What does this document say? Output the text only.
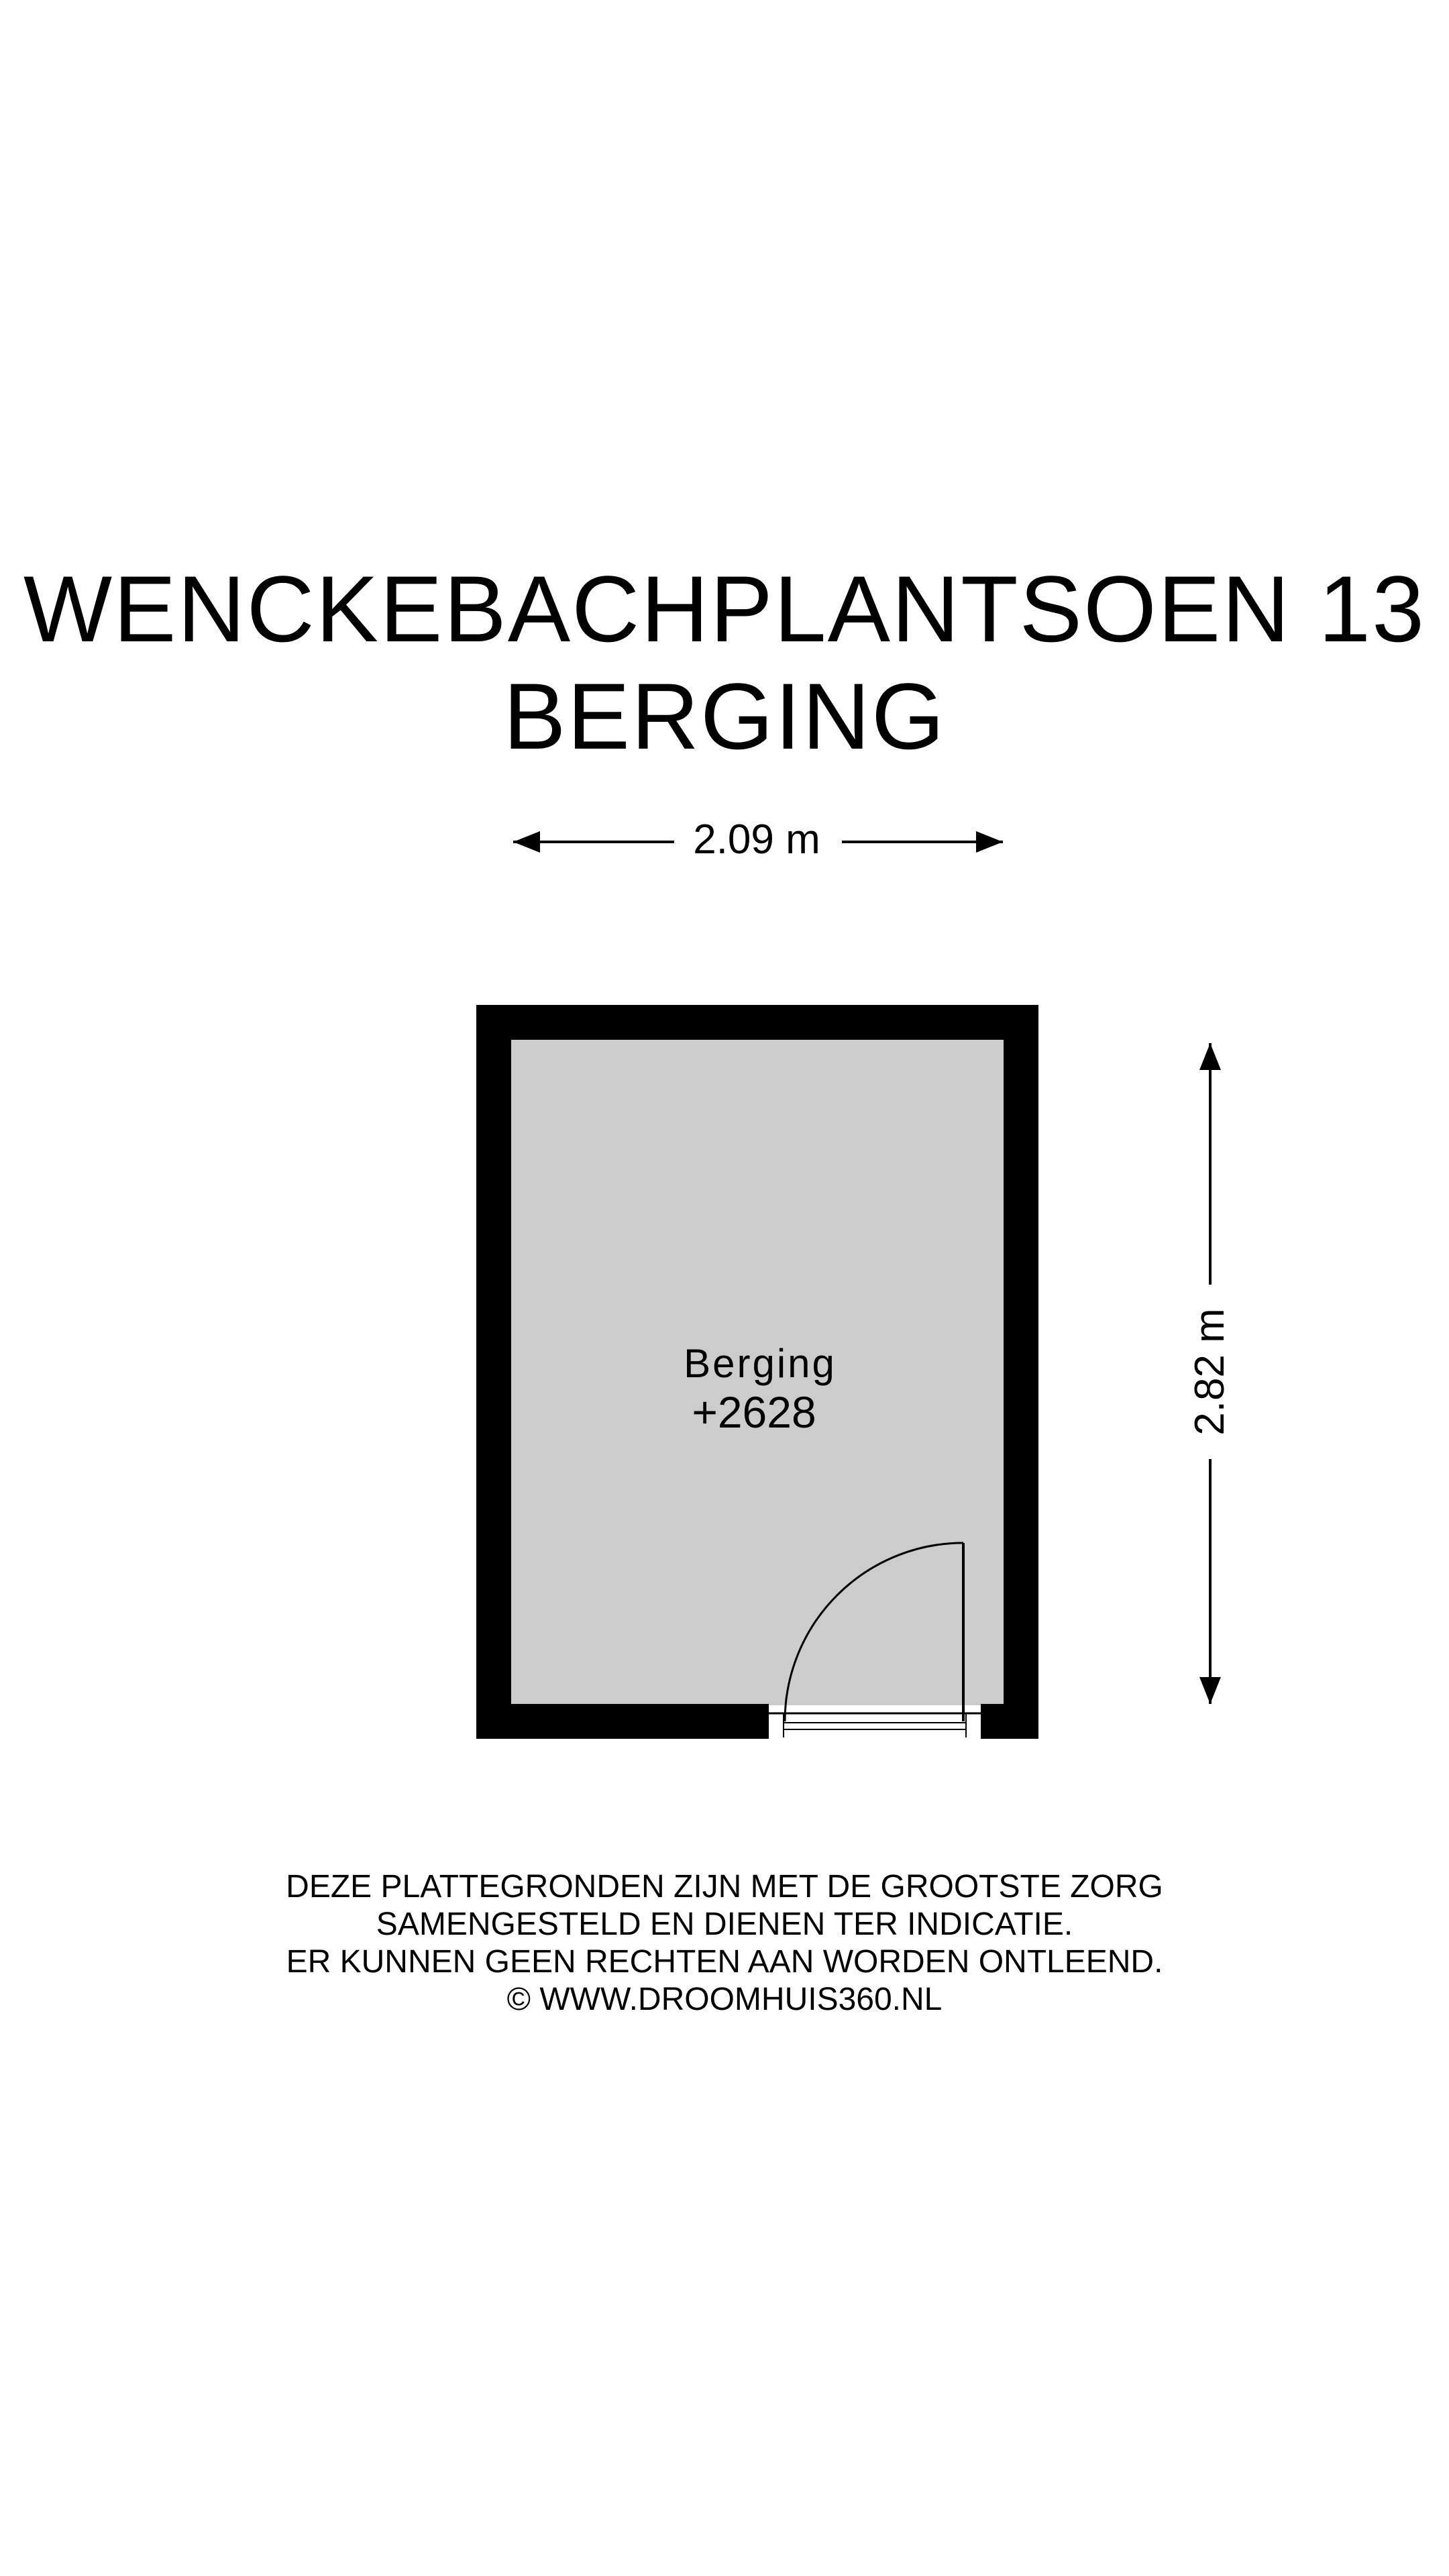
WENCKEBACHPLANTSOEN 13
BERGING
2.09 m
2.82 m
Berging
+2628
DEZE PLATTEGRONDEN ZIJN MET DE GROOTSTE ZORG
SAMENGESTELD EN DIENEN TER INDICATIE.
ER KUNNEN GEEN RECHTEN AAN WORDEN ONTLEEND.
© WWW.DROOMHUIS360.NL
